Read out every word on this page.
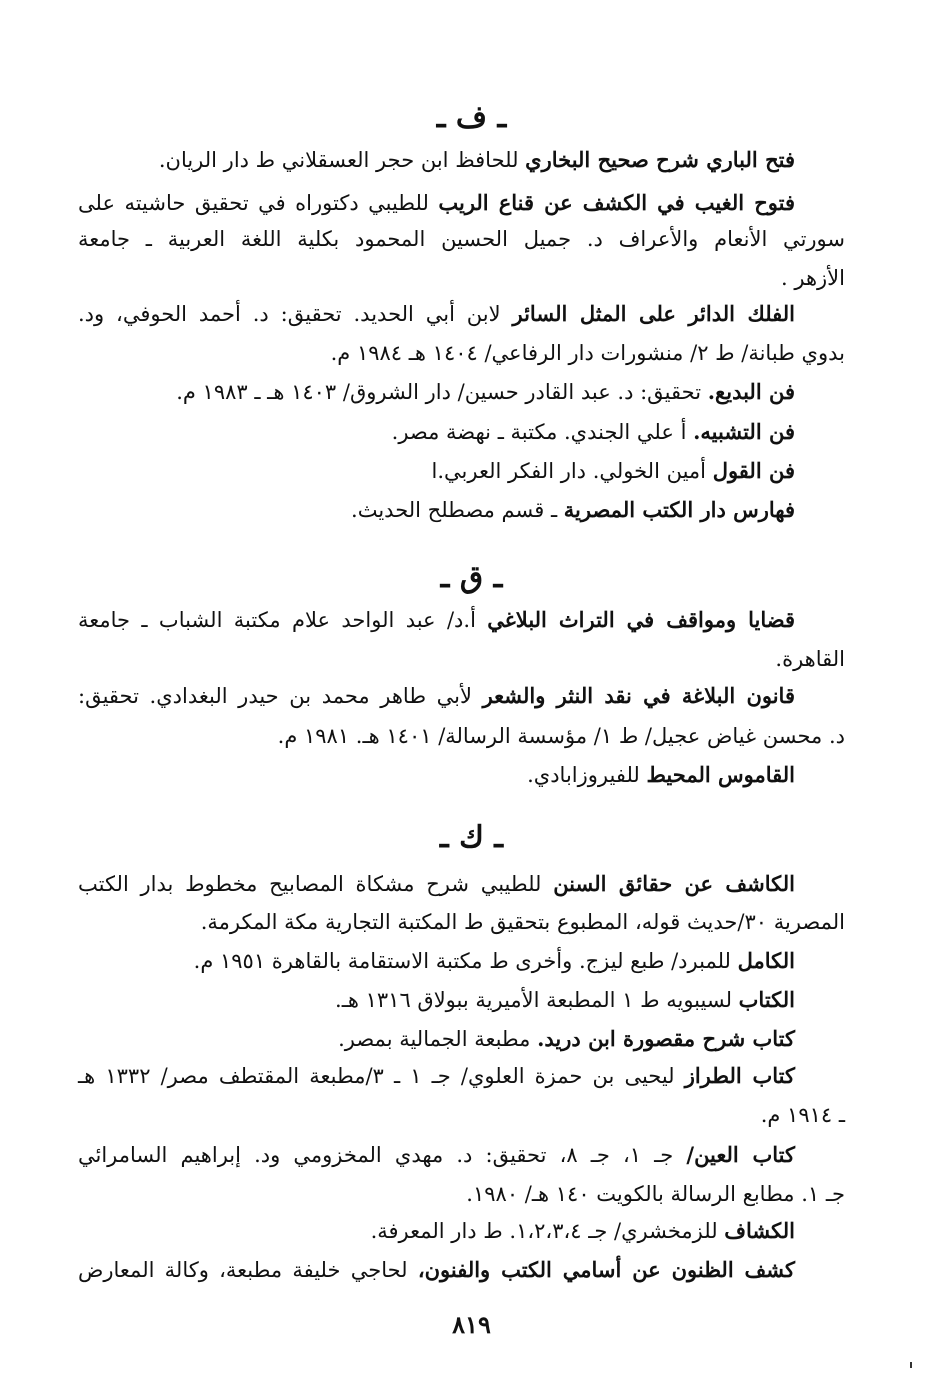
ـ ف ـ
فتح الباري شرح صحيح البخاري للحافظ ابن حجر العسقلاني ط دار الريان.
فتوح الغيب في الكشف عن قناع الريب للطيبي دكتوراه في تحقيق حاشيته على
سورتي الأنعام والأعراف د. جميل الحسين المحمود بكلية اللغة العربية ـ جامعة
الأزهر .
الفلك الدائر على المثل السائر لابن أبي الحديد. تحقيق: د. أحمد الحوفي، ود.
بدوي طبانة/ ط ٢/ منشورات دار الرفاعي/ ١٤٠٤ هـ ١٩٨٤ م.
فن البديع. تحقيق: د. عبد القادر حسين/ دار الشروق/ ١٤٠٣ هـ ـ ١٩٨٣ م.
فن التشبيه. أ علي الجندي. مكتبة ـ نهضة مصر.
فن القول أمين الخولي. دار الفكر العربي.ا
فهارس دار الكتب المصرية ـ قسم مصطلح الحديث.
ـ ق ـ
قضايا ومواقف في التراث البلاغي أ.د/ عبد الواحد علام مكتبة الشباب ـ جامعة
القاهرة.
قانون البلاغة في نقد النثر والشعر لأبي طاهر محمد بن حيدر البغدادي. تحقيق:
د. محسن غياض عجيل/ ط ١/ مؤسسة الرسالة/ ١٤٠١ هـ. ١٩٨١ م.
القاموس المحيط للفيروزابادي.
ـ ك ـ
الكاشف عن حقائق السنن للطيبي شرح مشكاة المصابيح مخطوط بدار الكتب
المصرية ٣٠/حديث قوله، المطبوع بتحقيق ط المكتبة التجارية مكة المكرمة.
الكامل للمبرد/ طبع ليزج. وأخرى ط مكتبة الاستقامة بالقاهرة ١٩٥١ م.
الكتاب لسيبويه ط ١ المطبعة الأميرية ببولاق ١٣١٦ هـ.
كتاب شرح مقصورة ابن دريد. مطبعة الجمالية بمصر.
كتاب الطراز ليحيى بن حمزة العلوي/ جـ ١ ـ ٣/مطبعة المقتطف مصر/ ١٣٣٢ هـ
ـ ١٩١٤ م.
كتاب العين/ جـ ١، جـ ٨، تحقيق: د. مهدي المخزومي ود. إبراهيم السامرائي
جـ ١. مطابع الرسالة بالكويت ١٤٠ هـ/ ١٩٨٠.
الكشاف للزمخشري/ جـ ١،٢،٣،٤. ط دار المعرفة.
كشف الظنون عن أسامي الكتب والفنون، لحاجي خليفة مطبعة، وكالة المعارض
٨١٩
